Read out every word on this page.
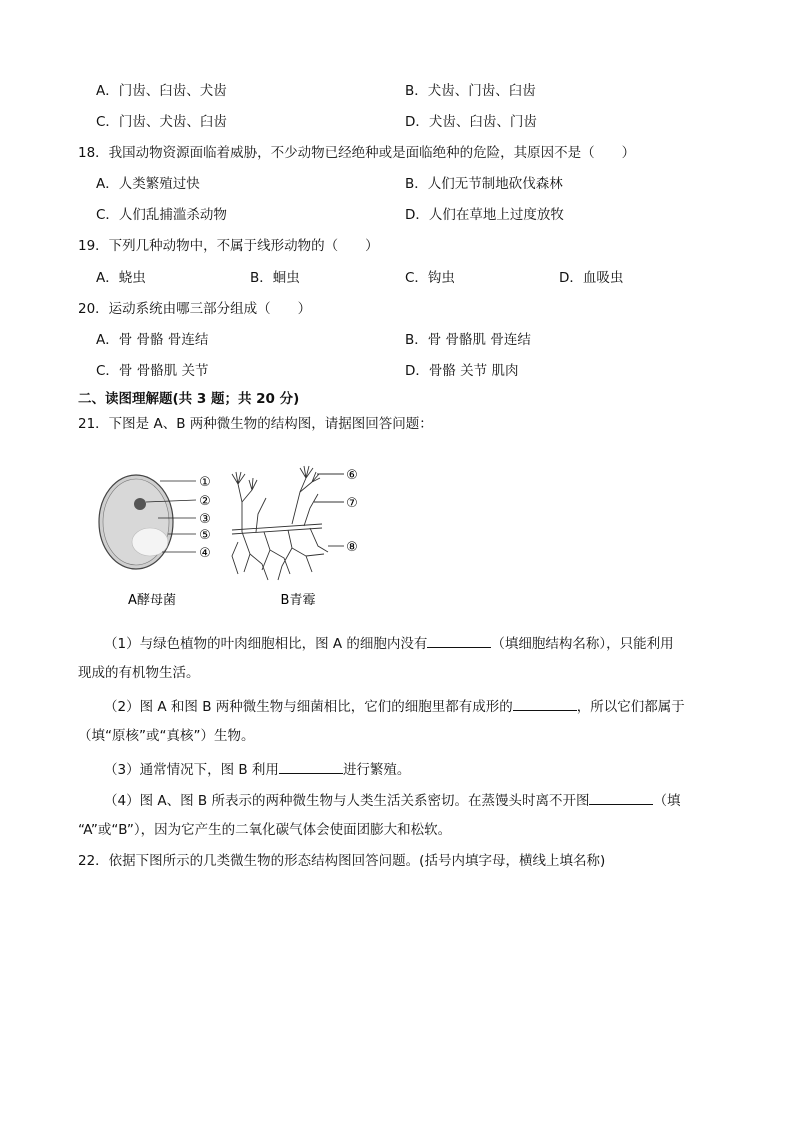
A．门齿、臼齿、犬齿	B．犬齿、门齿、臼齿
C．门齿、犬齿、臼齿	D．犬齿、臼齿、门齿
18．我国动物资源面临着威胁，不少动物已经绝种或是面临绝种的危险，其原因不是（　　）
A．人类繁殖过快	B．人们无节制地砍伐森林
C．人们乱捕滥杀动物	D．人们在草地上过度放牧
19．下列几种动物中，不属于线形动物的（　　）
A．蛲虫	B．蛔虫	C．钩虫	D．血吸虫
20．运动系统由哪三部分组成（　　）
A．骨 骨骼 骨连结	B．骨 骨骼肌 骨连结
C．骨 骨骼肌 关节	D．骨骼 关节 肌肉
二、读图理解题(共 3 题；共 20 分)
21．下图是 A、B 两种微生物的结构图，请据图回答问题：
①
②
③
⑤
④
⑥
⑦
⑧
A酵母菌	B青霉
（1）与绿色植物的叶肉细胞相比，图 A 的细胞内没有	（填细胞结构名称），只能利用
现成的有机物生活。
（2）图 A 和图 B 两种微生物与细菌相比，它们的细胞里都有成形的	，所以它们都属于
（填“原核”或“真核”）生物。
（3）通常情况下，图 B 利用	进行繁殖。
（4）图 A、图 B 所表示的两种微生物与人类生活关系密切。在蒸馒头时离不开图	（填
“A”或“B”），因为它产生的二氧化碳气体会使面团膨大和松软。
22．依据下图所示的几类微生物的形态结构图回答问题。(括号内填字母，横线上填名称)
